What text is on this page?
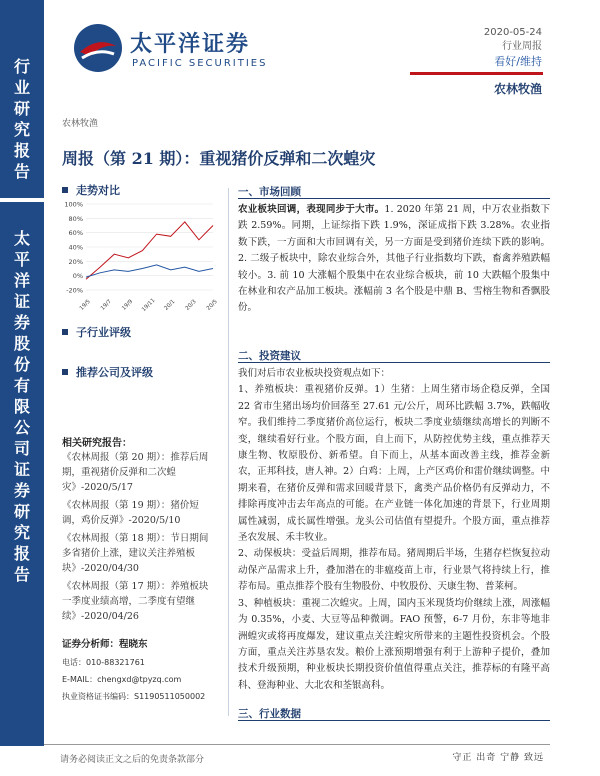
行
业
研
究
报
告
太
平
洋
证
券
股
份
有
限
公
司
证
券
研
究
报
告
太平洋证券
PACIFIC SECURITIES
2020-05-24
行业周报
看好/维持
农林牧渔
农林牧渔
周报（第 21 期）：重视猪价反弹和二次蝗灾
走势对比
100%
80%
60%
40%
20%
0%
-20%
19/5 19/7 19/9 19/11 20/1 20/3 20/5
子行业评级
推荐公司及评级
相关研究报告：
《农林周报（第 20 期）：推荐后周期，重视猪价反弹和二次蝗灾》-2020/5/17
《农林周报（第 19 期）：猪价短调，鸡价反弹》-2020/5/10
《农林周报（第 18 期）：节日期间多省猪价上涨，建议关注养殖板块》-2020/04/30
《农林周报（第 17 期）：养殖板块一季度业绩高增，二季度有望继续》-2020/04/26
证券分析师：程晓东
电话：010-88321761
E-MAIL：chengxd@tpyzq.com
执业资格证书编码：S1190511050002
一、市场回顾
农业板块回调，表现同步于大市。1. 2020 年第 21 周，中万农业指数下跌 2.59%。同期，上证综指下跌 1.9%，深证成指下跌 3.28%。农业指数下跌，一方面和大市回调有关，另一方面是受到猪价连续下跌的影响。2. 二级子板块中，除农业综合外，其他子行业指数均下跌，畜禽养殖跌幅较小。3. 前 10 大涨幅个股集中在农业综合板块，前 10 大跌幅个股集中在林业和农产品加工板块。涨幅前 3 名个股是中鼎 B、雪榕生物和香飘股份。
二、投资建议
我们对后市农业板块投资观点如下：
1、养殖板块：重视猪价反弹。1）生猪：上周生猪市场企稳反弹，全国 22 省市生猪出场均价回落至 27.61 元/公斤，周环比跌幅 3.7%，跌幅收窄。我们维持二季度猪价高位运行，板块二季度业绩继续高增长的判断不变，继续看好行业。个股方面，自上而下，从防控优势主线，重点推荐天康生物、牧原股份、新希望。自下而上，从基本面改善主线，推荐金新农，正邦科技，唐人神。2）白鸡：上周，上产区鸡价和雷价继续调整。中期来看，在猪价反弹和需求回暖背景下，禽类产品价格仍有反弹动力，不排除再度冲击去年高点的可能。在产业链一体化加速的背景下，行业周期属性减弱，成长属性增强。龙头公司估值有望提升。个股方面，重点推荐圣农发展、禾丰牧业。
2、动保板块：受益后周期，推荐布局。猪周期后半场，生猪存栏恢复拉动动保产品需求上升，叠加潜在的非瘟疫苗上市，行业景气将持续上行，推荐布局。重点推荐个股有生物股份、中牧股份、天康生物、普莱柯。
3、种植板块：重视二次蝗灾。上周，国内玉米现货均价继续上涨，周涨幅为 0.35%，小麦、大豆等品种微调。FAO 预警，6-7 月份，东非等地非洲蝗灾或将再度爆发，建议重点关注蝗灾所带来的主题性投资机会。个股方面，重点关注苏垦农发。粮价上涨预期增强有利于上游种子提价，叠加技术升级预期，种业板块长期投资价值值得重点关注，推荐标的有隆平高科、登海种业、大北农和荃银高科。
三、行业数据
请务必阅读正文之后的免责条款部分	守正 出奇 宁静 致远
